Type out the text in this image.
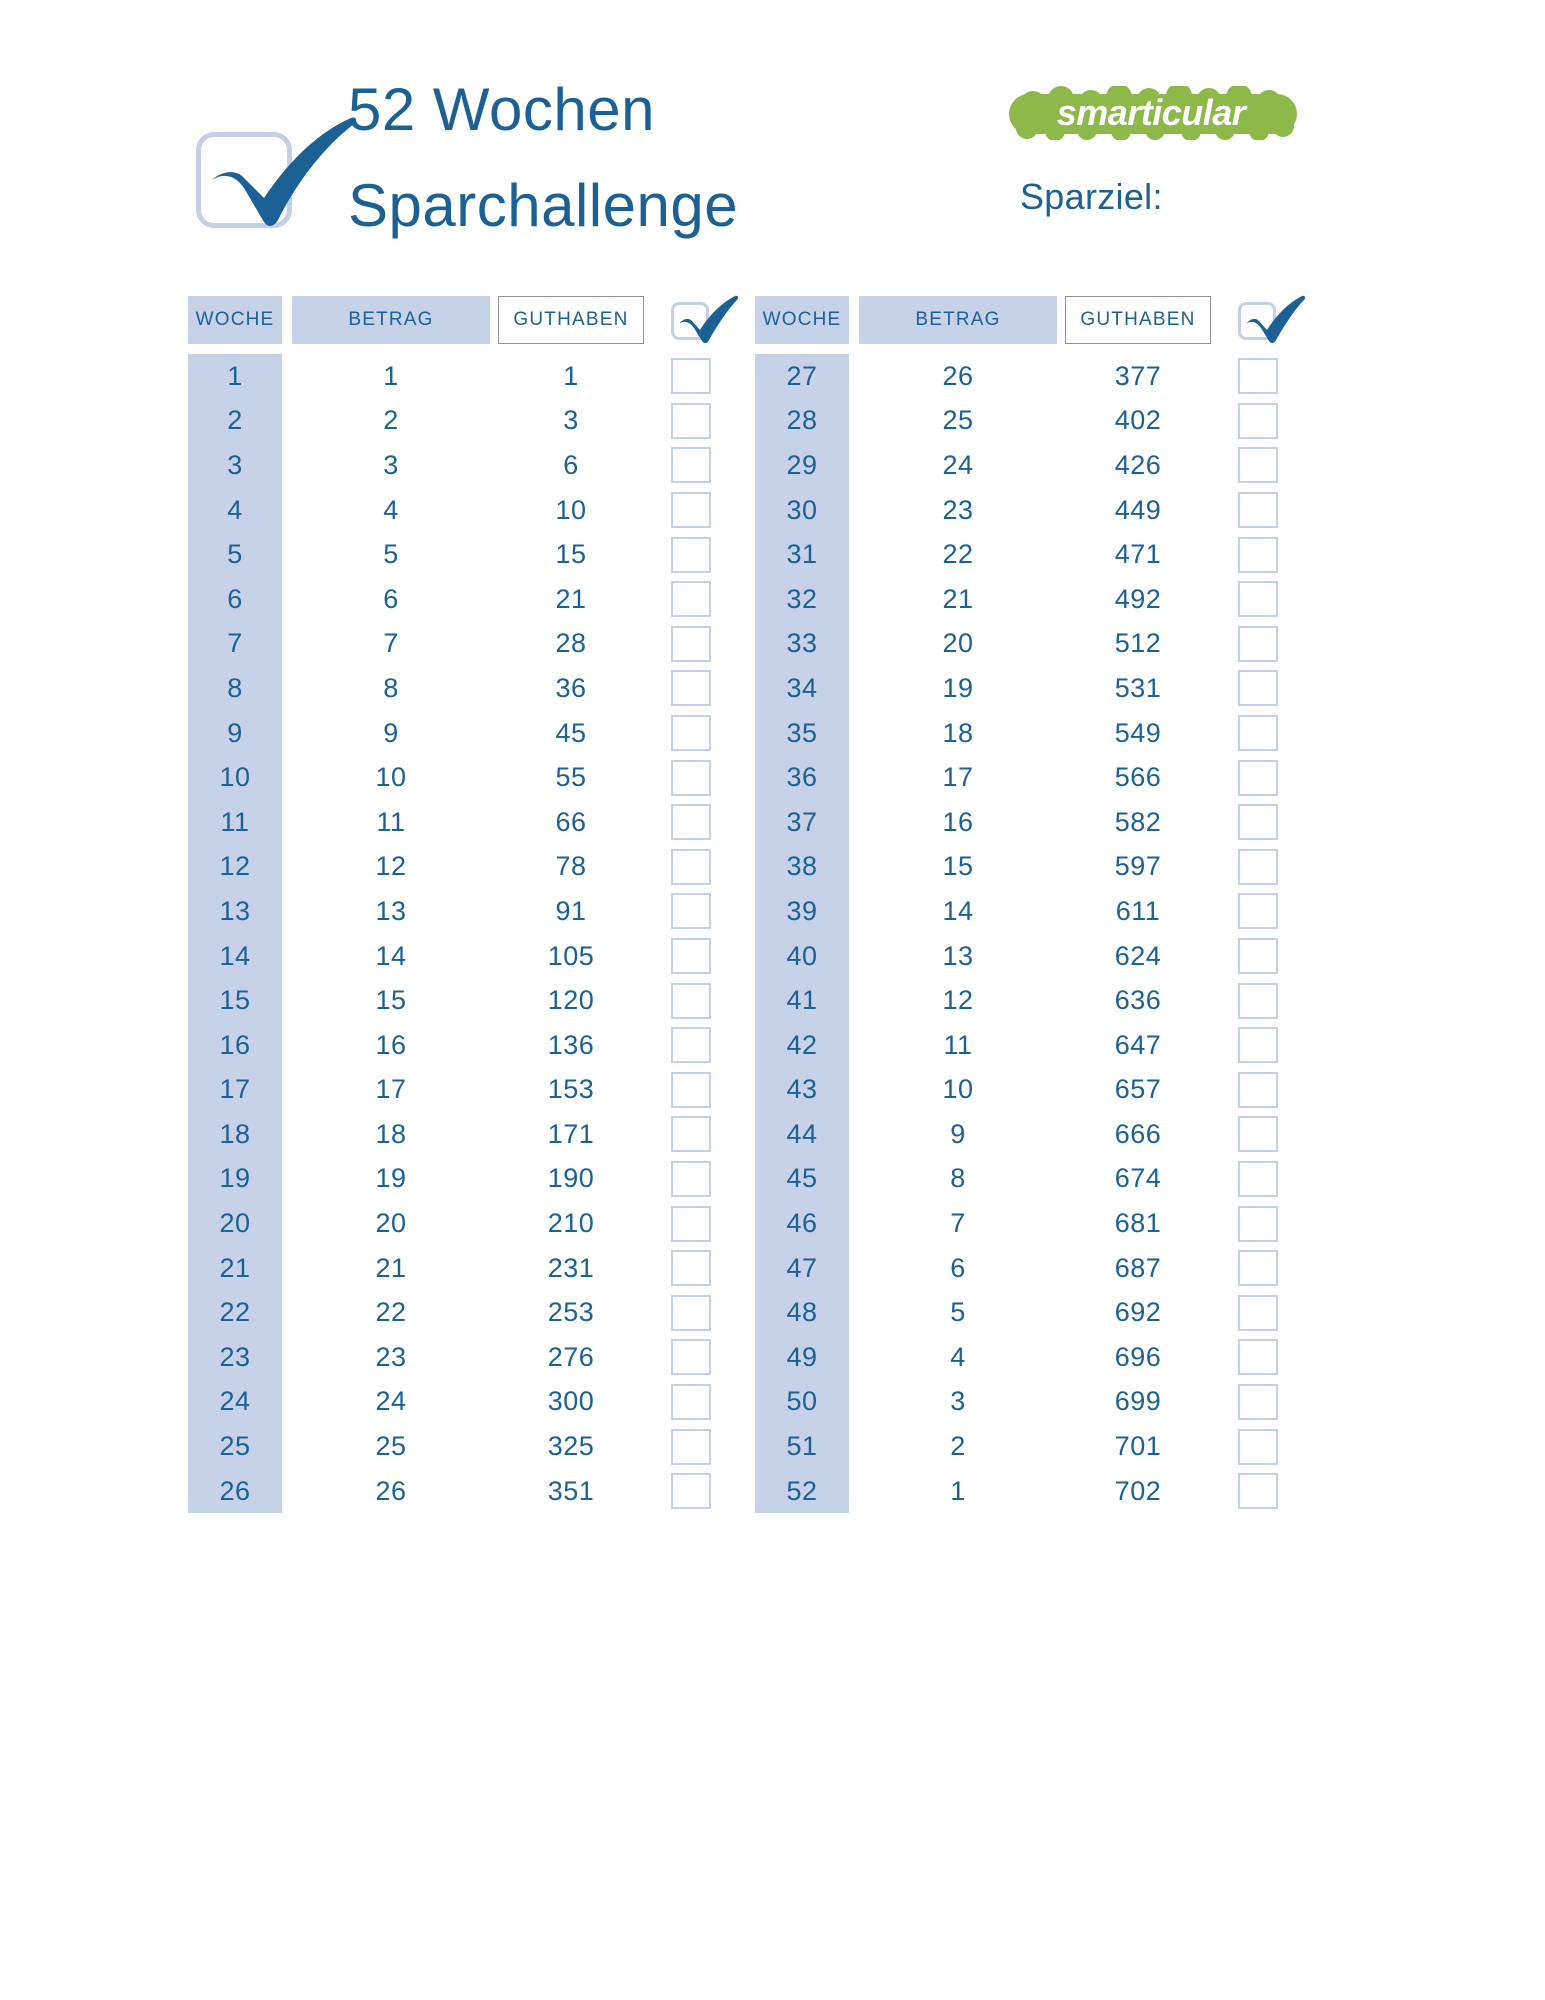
52 Wochen
Sparchallenge
smarticular
Sparziel:
WOCHE	BETRAG	GUTHABEN
1	1	1
2	2	3
3	3	6
4	4	10
5	5	15
6	6	21
7	7	28
8	8	36
9	9	45
10	10	55
11	11	66
12	12	78
13	13	91
14	14	105
15	15	120
16	16	136
17	17	153
18	18	171
19	19	190
20	20	210
21	21	231
22	22	253
23	23	276
24	24	300
25	25	325
26	26	351
WOCHE	BETRAG	GUTHABEN
27	26	377
28	25	402
29	24	426
30	23	449
31	22	471
32	21	492
33	20	512
34	19	531
35	18	549
36	17	566
37	16	582
38	15	597
39	14	611
40	13	624
41	12	636
42	11	647
43	10	657
44	9	666
45	8	674
46	7	681
47	6	687
48	5	692
49	4	696
50	3	699
51	2	701
52	1	702
